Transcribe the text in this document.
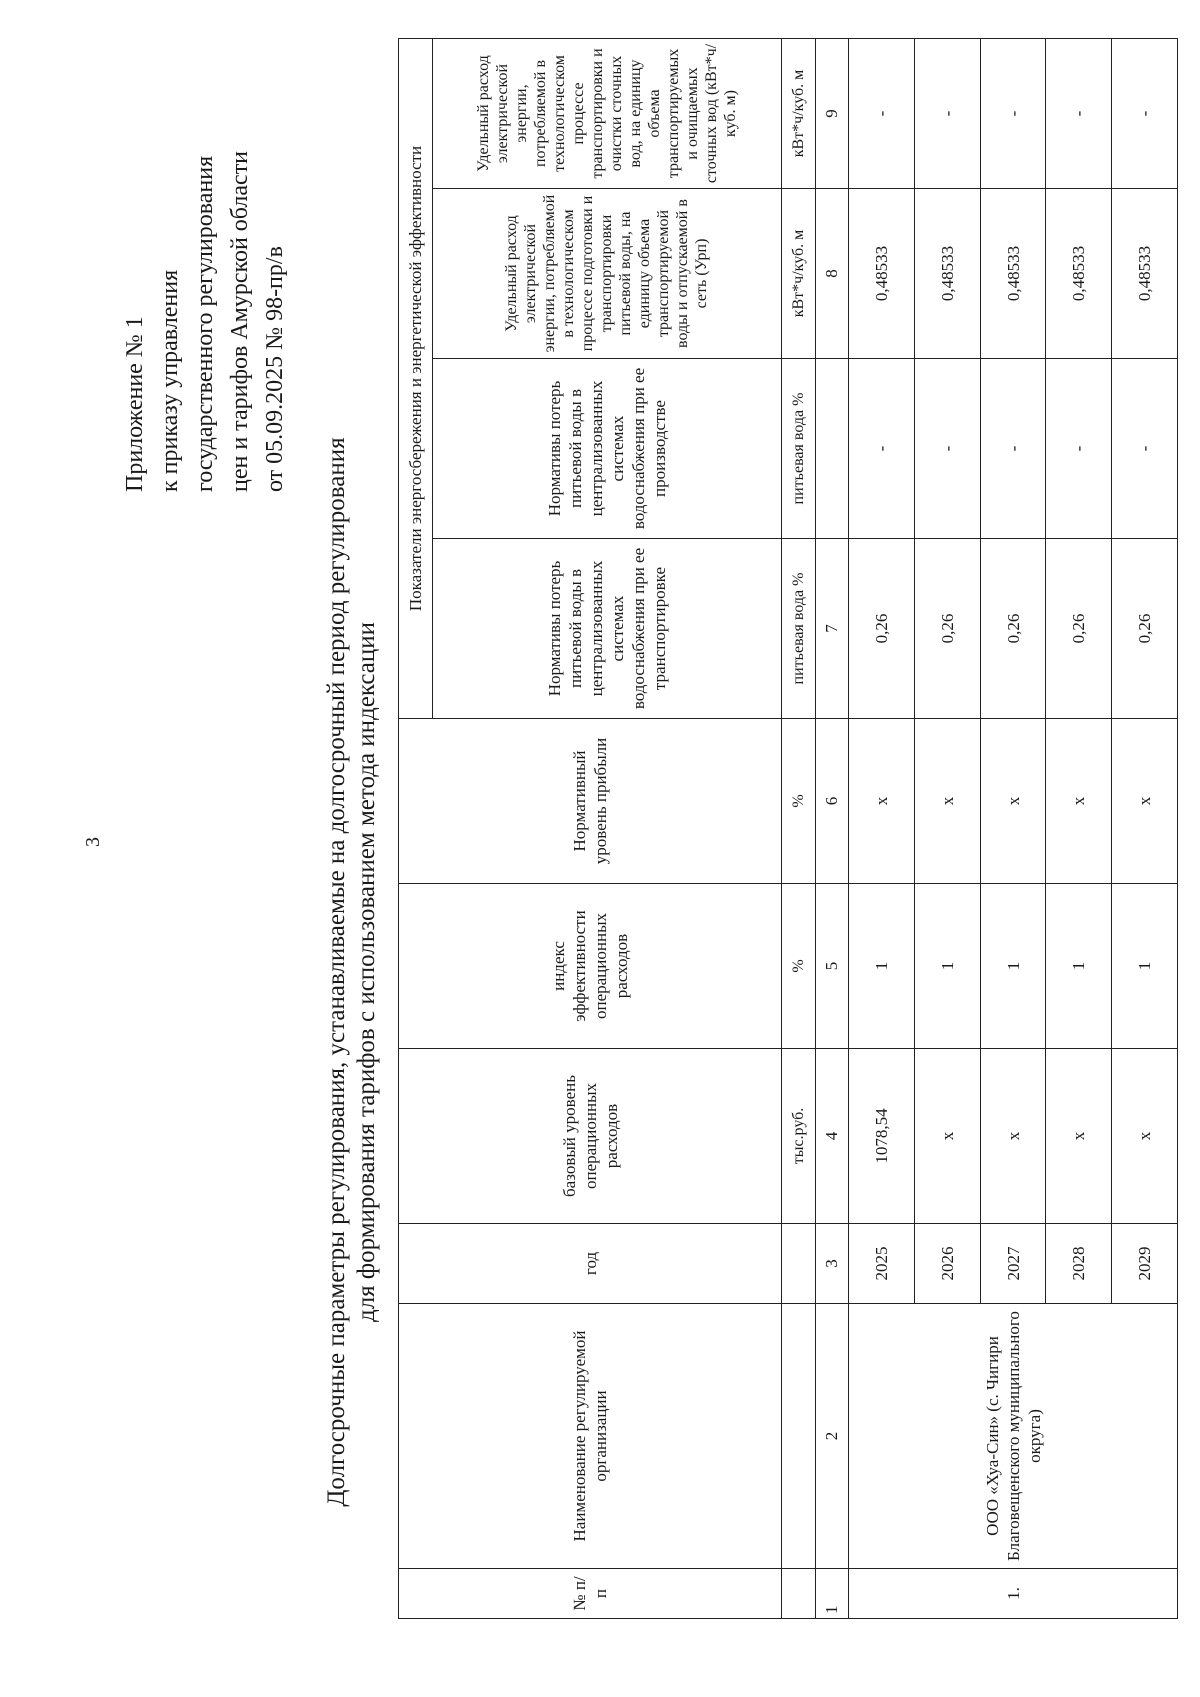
3
Приложение № 1 к приказу управления государственного регулирования цен и тарифов Амурской области от 05.09.2025 № 98-пр/в
Долгосрочные параметры регулирования, устанавливаемые на долгосрочный период регулирования для формирования тарифов с использованием метода индексации
№ п/п	Наименование регулируемой организации	год	базовый уровень операционных расходов	индекс эффективности операционных расходов	Нормативный уровень прибыли	Показатели энергосбережения и энергетической эффективности			
						Нормативы потерь питьевой воды в централизованных системах водоснабжения при ее транспортировке	Нормативы потерь питьевой воды в централизованных системах водоснабжения при ее производстве	Удельный расход электрической энергии, потребляемой в технологическом процессе подготовки и транспортировки питьевой воды, на единицу объема транспортируемой воды и отпускаемой в сеть (Урп)	Удельный расход электрической энергии, потребляемой в технологическом процессе транспортировки и очистки сточных вод, на единицу объема транспортируемых и очищаемых сточных вод (кВт*ч/куб. м)
			тыс.руб.	%	%	питьевая вода %	питьевая вода %	кВт*ч/куб. м	кВт*ч/куб. м
1	2	3	4	5	6	7		8	9
1.	ООО «Хуа-Син» (с. Чигири Благовещенского муниципального округа)	2025	1078,54	1	x	0,26	-	0,48533	-
		2026	x	1	x	0,26	-	0,48533	-
		2027	x	1	x	0,26	-	0,48533	-
		2028	x	1	x	0,26	-	0,48533	-
		2029	x	1	x	0,26	-	0,48533	-
